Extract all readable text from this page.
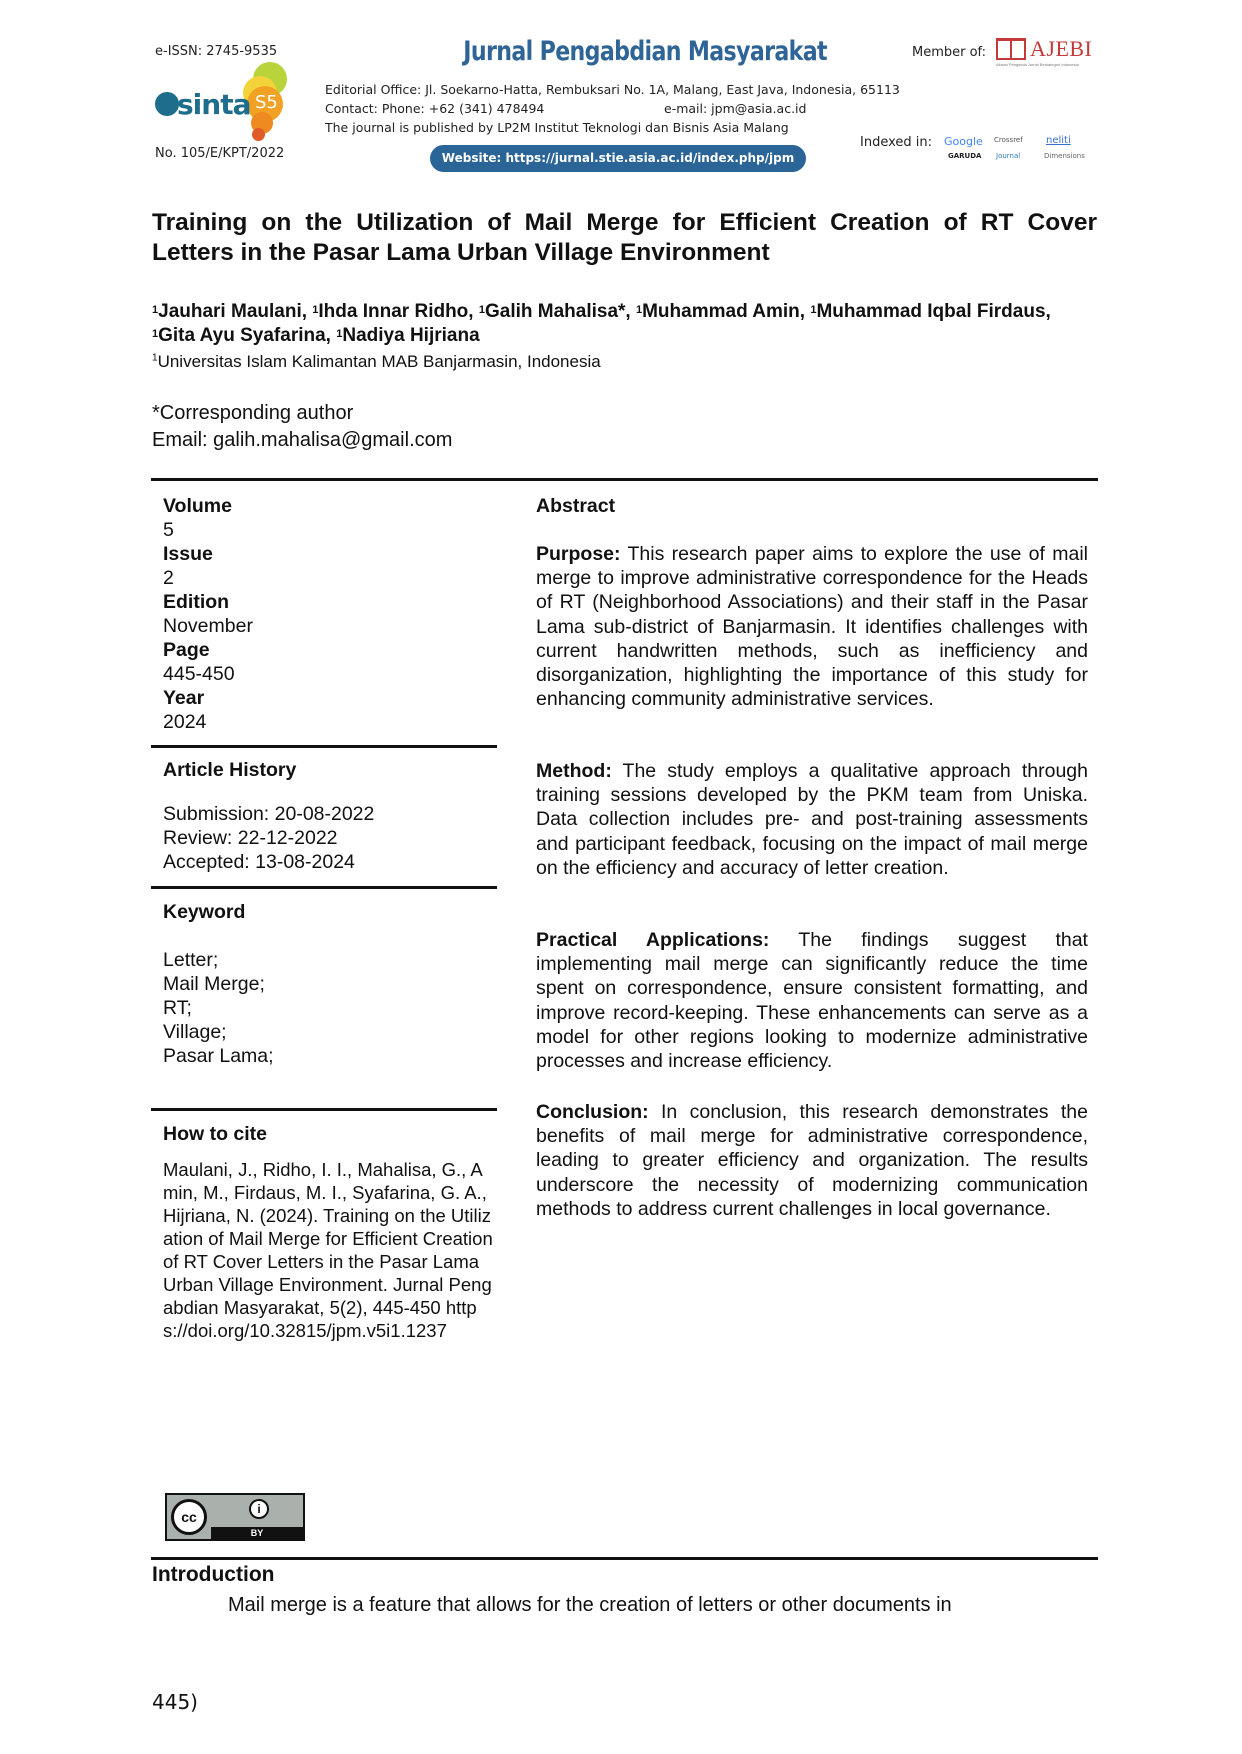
e-ISSN: 2745-9535	Jurnal Pengabdian Masyarakat	Member of: AJEBI
Aliansi Pengelola Jurnal Berkategori Indonesia
sinta S5
No. 105/E/KPT/2022
Editorial Office: Jl. Soekarno-Hatta, Rembuksari No. 1A, Malang, East Java, Indonesia, 65113
Contact: Phone: +62 (341) 478494	e-mail: jpm@asia.ac.id
The journal is published by LP2M Institut Teknologi dan Bisnis Asia Malang
Website: https://jurnal.stie.asia.ac.id/index.php/jpm
Indexed in: Google Crossref neliti
GARUDA Journal	Dimensions
Training on the Utilization of Mail Merge for Efficient Creation of RT Cover Letters in the Pasar Lama Urban Village Environment
$^1$Jauhari Maulani, $^1$Ihda Innar Ridho, $^1$Galih Mahalisa*, $^1$Muhammad Amin, $^1$Muhammad Iqbal Firdaus, $^1$Gita Ayu Syafarina, $^1$Nadiya Hijriana
$^1$Universitas Islam Kalimantan MAB Banjarmasin, Indonesia
*Corresponding author
Email: galih.mahalisa@gmail.com
Volume
5
Issue
2
Edition
November
Page
445-450
Year
2024
Article History
Submission: 20-08-2022
Review: 22-12-2022
Accepted: 13-08-2024
Keyword
Letter;
Mail Merge;
RT;
Village;
Pasar Lama;
How to cite
Maulani, J., Ridho, I. I., Mahalisa, G., Amin, M., Firdaus, M. I., Syafarina, G. A., Hijriana, N. (2024). Training on the Utilization of Mail Merge for Efficient Creation of RT Cover Letters in the Pasar Lama Urban Village Environment. Jurnal Pengabdian Masyarakat, 5(2), 445-450 https://doi.org/10.32815/jpm.v5i1.1237
Abstract
Purpose: This research paper aims to explore the use of mail merge to improve administrative correspondence for the Heads of RT (Neighborhood Associations) and their staff in the Pasar Lama sub-district of Banjarmasin. It identifies challenges with current handwritten methods, such as inefficiency and disorganization, highlighting the importance of this study for enhancing community administrative services.
Method: The study employs a qualitative approach through training sessions developed by the PKM team from Uniska. Data collection includes pre- and post-training assessments and participant feedback, focusing on the impact of mail merge on the efficiency and accuracy of letter creation.
Practical Applications: The findings suggest that implementing mail merge can significantly reduce the time spent on correspondence, ensure consistent formatting, and improve record-keeping. These enhancements can serve as a model for other regions looking to modernize administrative processes and increase efficiency.
Conclusion: In conclusion, this research demonstrates the benefits of mail merge for administrative correspondence, leading to greater efficiency and organization. The results underscore the necessity of modernizing communication methods to address current challenges in local governance.
cc	i
BY
Introduction
Mail merge is a feature that allows for the creation of letters or other documents in
445)
